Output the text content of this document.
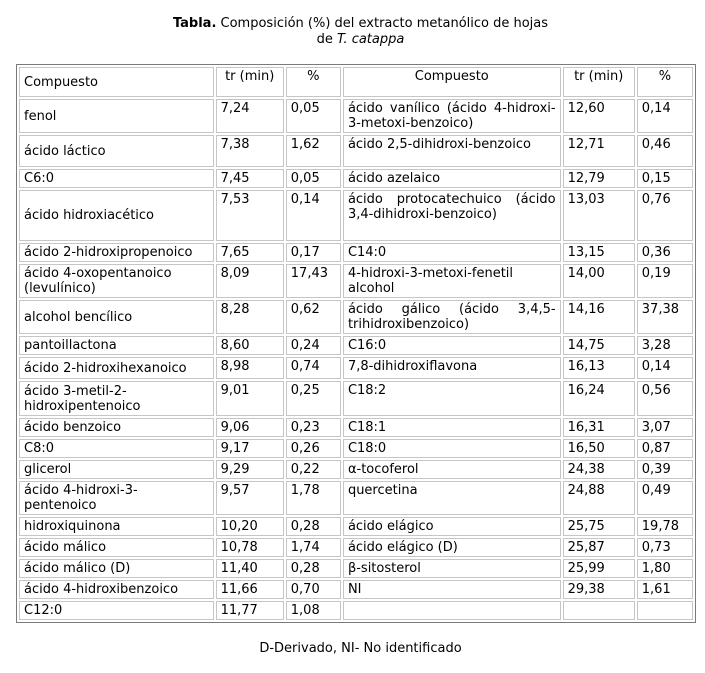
Tabla. Composición (%) del extracto metanólico de hojas
de T. catappa
Compuesto	tr (min)	%	Compuesto	tr (min)	%
fenol	7,24	0,05	ácido vanílico (ácido 4-hidroxi-3-metoxi-benzoico)	12,60	0,14
ácido láctico	7,38	1,62	ácido 2,5-dihidroxi-benzoico	12,71	0,46
C6:0	7,45	0,05	ácido azelaico	12,79	0,15
ácido hidroxiacético	7,53	0,14	ácido protocatechuico (ácido 3,4-dihidroxi-benzoico)	13,03	0,76
ácido 2-hidroxipropenoico	7,65	0,17	C14:0	13,15	0,36
ácido 4-oxopentanoico (levulínico)	8,09	17,43	4-hidroxi-3-metoxi-fenetil alcohol	14,00	0,19
alcohol bencílico	8,28	0,62	ácido gálico (ácido 3,4,5-trihidroxibenzoico)	14,16	37,38
pantoillactona	8,60	0,24	C16:0	14,75	3,28
ácido 2-hidroxihexanoico	8,98	0,74	7,8-dihidroxiflavona	16,13	0,14
ácido 3-metil-2-hidroxipentenoico	9,01	0,25	C18:2	16,24	0,56
ácido benzoico	9,06	0,23	C18:1	16,31	3,07
C8:0	9,17	0,26	C18:0	16,50	0,87
glicerol	9,29	0,22	α-tocoferol	24,38	0,39
ácido 4-hidroxi-3-pentenoico	9,57	1,78	quercetina	24,88	0,49
hidroxiquinona	10,20	0,28	ácido elágico	25,75	19,78
ácido málico	10,78	1,74	ácido elágico (D)	25,87	0,73
ácido málico (D)	11,40	0,28	β-sitosterol	25,99	1,80
ácido 4-hidroxibenzoico	11,66	0,70	NI	29,38	1,61
C12:0	11,77	1,08			
D-Derivado, NI- No identificado
